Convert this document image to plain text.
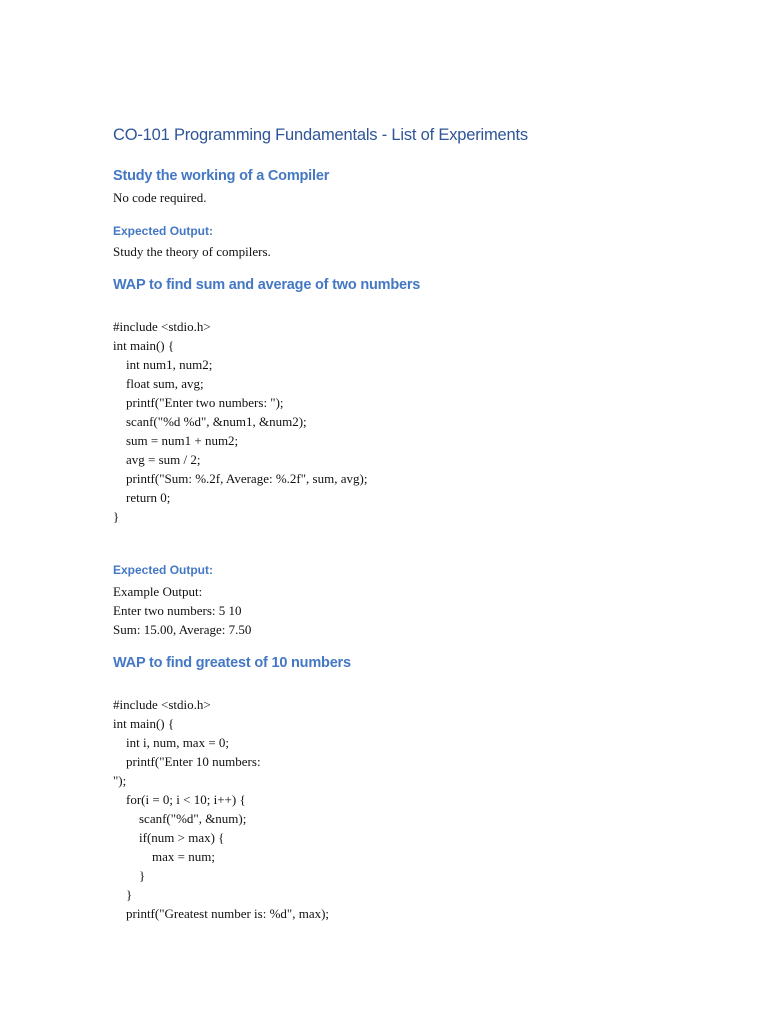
CO-101 Programming Fundamentals - List of Experiments
Study the working of a Compiler

No code required.

Expected Output:

Study the theory of compilers.

WAP to find sum and average of two numbers
#include <stdio.h>
int main() {
int num1, num2;
float sum, avg;
printf("Enter two numbers: ");
scanf("%d %d", &num1, &num2);
sum = num1 + num2;
avg = sum / 2;
printf("Sum: %.2f, Average: %.2f", sum, avg);
return 0;
}
Expected Output:

Example Output:

Enter two numbers: 5 10

Sum: 15.00, Average: 7.50

WAP to find greatest of 10 numbers
#include <stdio.h>
int main() {
int i, num, max = 0;
printf("Enter 10 numbers:
");
for(i = 0; i < 10; i++) {
scanf("%d", &num);
if(num > max) {
max = num;
}
}
printf("Greatest number is: %d", max);
